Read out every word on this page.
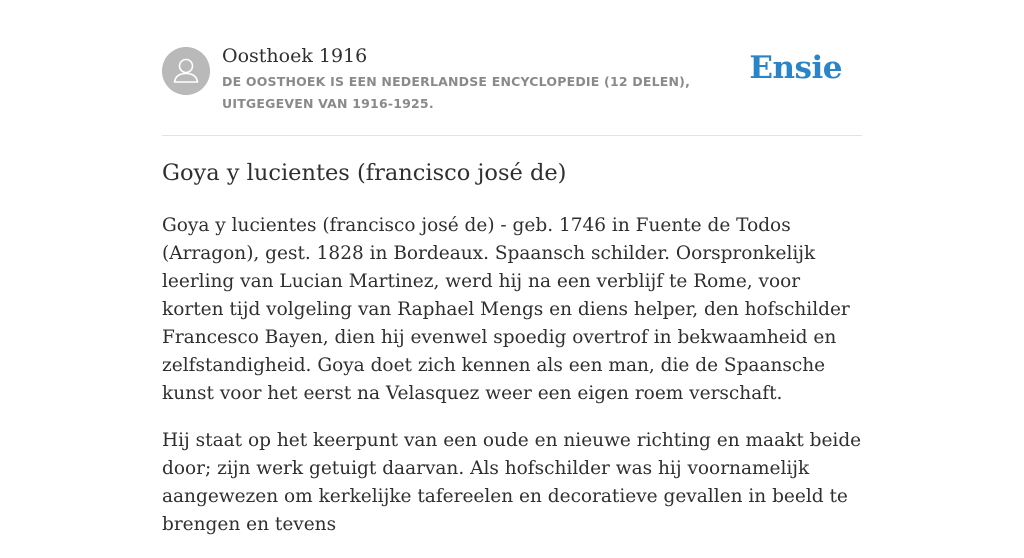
Oosthoek 1916
DE OOSTHOEK IS EEN NEDERLANDSE ENCYCLOPEDIE (12 DELEN), UITGEGEVEN VAN 1916-1925.
Ensie
Goya y lucientes (francisco josé de)

Goya y lucientes (francisco josé de) - geb. 1746 in Fuente de Todos (Arragon), gest. 1828 in Bordeaux. Spaansch schilder. Oorspronkelijk leerling van Lucian Martinez, werd hij na een verblijf te Rome, voor korten tijd volgeling van Raphael Mengs en diens helper, den hofschilder Francesco Bayen, dien hij evenwel spoedig overtrof in bekwaamheid en zelfstandigheid. Goya doet zich kennen als een man, die de Spaansche kunst voor het eerst na Velasquez weer een eigen roem verschaft.

Hij staat op het keerpunt van een oude en nieuwe richting en maakt beide door; zijn werk getuigt daarvan. Als hofschilder was hij voornamelijk aangewezen om kerkelijke tafereelen en decoratieve gevallen in beeld te brengen en tevens
